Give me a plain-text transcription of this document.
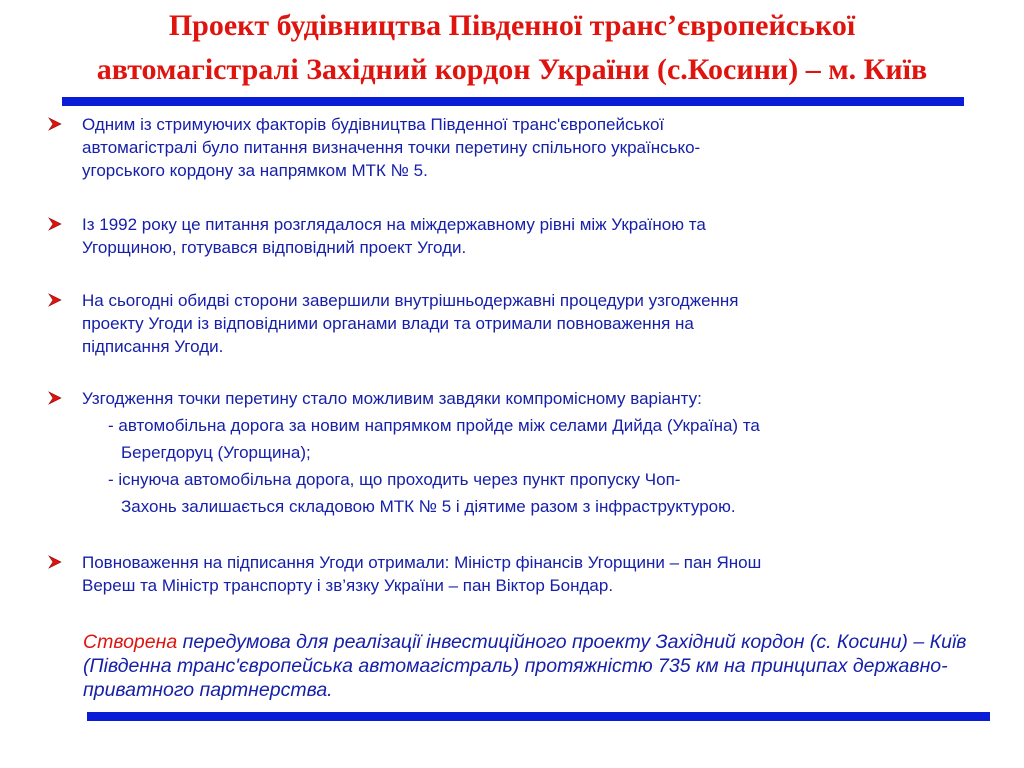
Проект будівництва Південної транс’європейської
автомагістралі Західний кордон України (с.Косини) – м. Київ
Одним із стримуючих факторів будівництва Південної транс'європейської
автомагістралі було питання визначення точки перетину спільного українсько-
угорського кордону за напрямком МТК № 5.
Із 1992 року це питання розглядалося на міждержавному рівні між Україною та
Угорщиною, готувався відповідний проект Угоди.
На сьогодні обидві сторони завершили внутрішньодержавні процедури узгодження
проекту Угоди із відповідними органами влади та отримали повноваження на
підписання Угоди.
Узгодження точки перетину стало можливим завдяки компромісному варіанту:
- автомобільна дорога за новим напрямком пройде між селами Дийда (Україна) та
Берегдоруц (Угорщина);
- існуюча автомобільна дорога, що проходить через пункт пропуску Чоп-
Захонь залишається складовою МТК № 5 і діятиме разом з інфраструктурою.
Повноваження на підписання Угоди отримали: Міністр фінансів Угорщини – пан Янош
Вереш та Міністр транспорту і зв’язку України – пан Віктор Бондар.
Створена передумова для реалізації інвестиційного проекту Західний кордон (с. Косини) – Київ (Південна транс'європейська автомагістраль) протяжністю 735 км на принципах державно-приватного партнерства.
